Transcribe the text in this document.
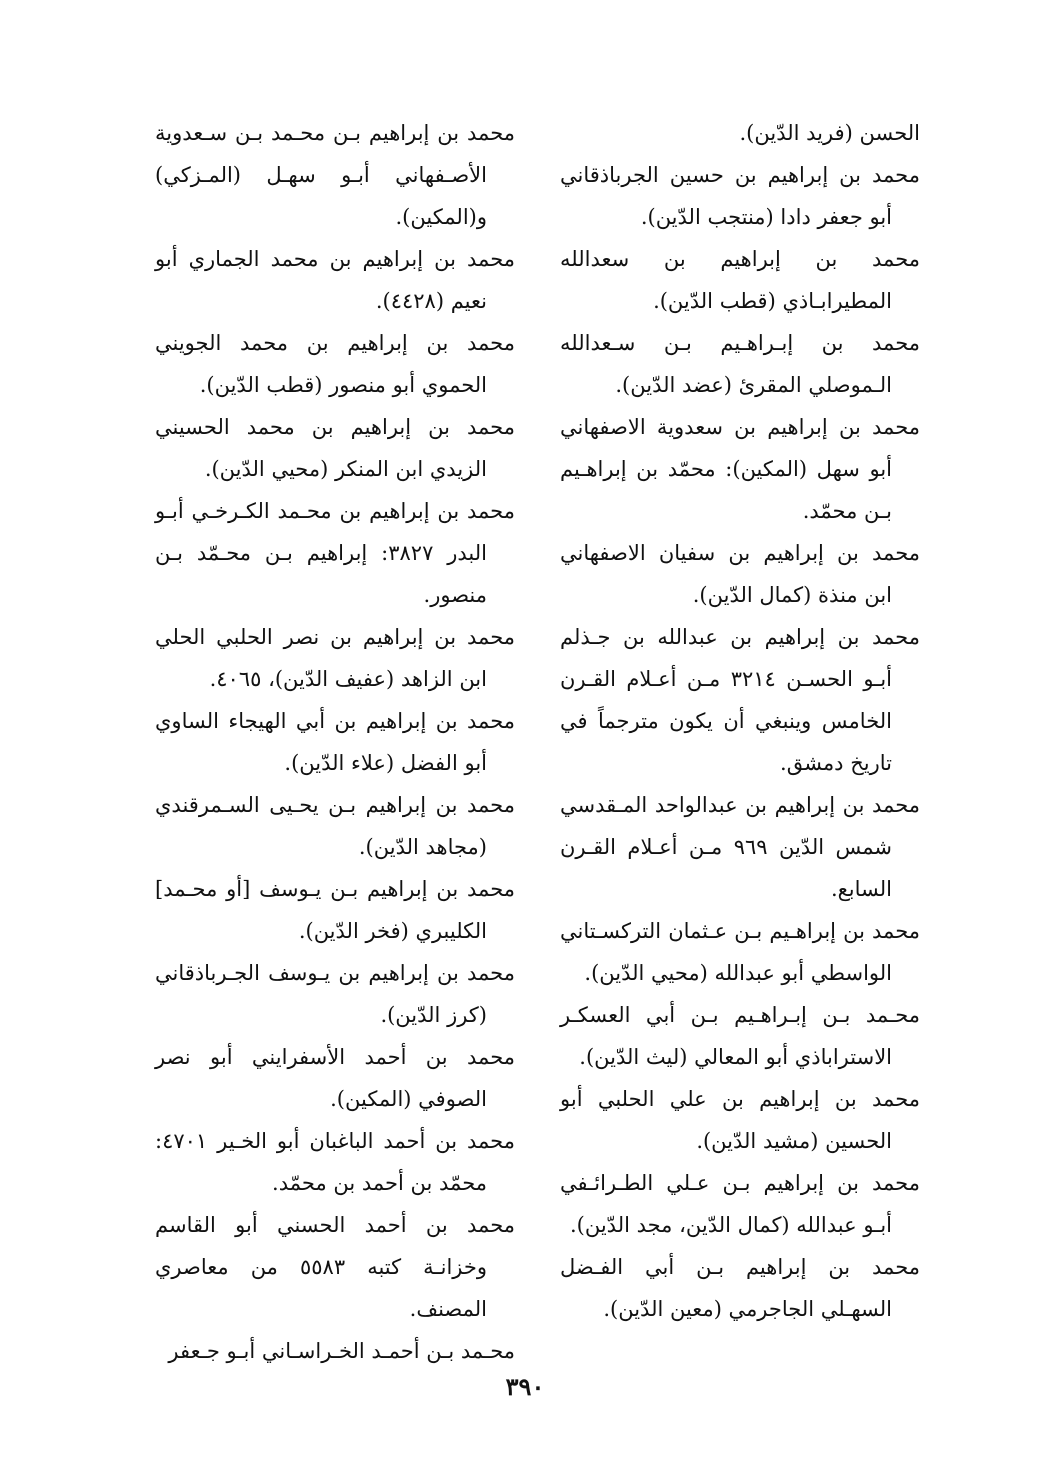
الحسن (فريد الدّين).

محمد بن إبراهيم بن حسين الجرباذقاني أبو جعفر دادا (منتجب الدّين).

محمد بن إبراهيم بن سعدالله المطيرابـاذي (قطب الدّين).

محمد بن إبـراهـيم بـن سـعدالله الـموصلي المقرئ (عضد الدّين).

محمد بن إبراهيم بن سعدوية الاصفهاني أبو سهل (المكين): محمّد بن إبراهـيم بـن محمّد.

محمد بن إبراهيم بن سفيان الاصفهاني ابن منذة (كمال الدّين).

محمد بن إبراهيم بن عبدالله بن جـذلم أبـو الحسـن ٣٢١٤ مـن أعـلام القـرن الخامس وينبغي أن يكون مترجماً في تاريخ دمشق.

محمد بن إبراهيم بن عبدالواحد المـقدسي شمس الدّين ٩٦٩ مـن أعـلام القـرن السابع.

محمد بن إبراهـيم بـن عـثمان التركسـتاني الواسطي أبو عبدالله (محيي الدّين).

محـمد بـن إبـراهـيم بـن أبي العسكـر الاستراباذي أبو المعالي (ليث الدّين).

محمد بن إبراهيم بن علي الحلبي أبو الحسين (مشيد الدّين).

محمد بن إبراهيم بـن عـلي الطـرائـفي أبـو عبدالله (كمال الدّين، مجد الدّين).

محمد بن إبراهيم بـن أبي الفـضل السهـلي الجاجرمي (معين الدّين).

محمد بن إبراهيم بـن محـمد بـن سـعدوية الأصـفهاني أبـو سهـل (المـزكي) و(المكين).

محمد بن إبراهيم بن محمد الجماري أبو نعيم (٤٤٢٨).

محمد بن إبراهيم بن محمد الجويني الحموي أبو منصور (قطب الدّين).

محمد بن إبراهيم بن محمد الحسيني الزيدي ابن المنكر (محيي الدّين).

محمد بن إبراهيم بن محـمد الكـرخـي أبـو البدر ٣٨٢٧: إبراهيم بـن محـمّد بـن منصور.

محمد بن إبراهيم بن نصر الحلبي الحلي ابن الزاهد (عفيف الدّين)، ٤٠٦٥.

محمد بن إبراهيم بن أبي الهيجاء الساوي أبو الفضل (علاء الدّين).

محمد بن إبراهيم بـن يحـيى السـمرقندي (مجاهد الدّين).

محمد بن إبراهيم بـن يـوسف [أو محـمد] الكليبري (فخر الدّين).

محمد بن إبراهيم بن يـوسف الجـرباذقاني (كرز الدّين).

محمد بن أحمد الأسفرايني أبو نصر الصوفي (المكين).

محمد بن أحمد الباغبان أبو الخـير ٤٧٠١: محمّد بن أحمد بن محمّد.

محمد بن أحمد الحسني أبو القاسم وخزانـة كتبه ٥٥٨٣ من معاصري المصنف.

محـمد بـن أحمـد الخـراسـاني أبـو جـعفر

٣٩٠
